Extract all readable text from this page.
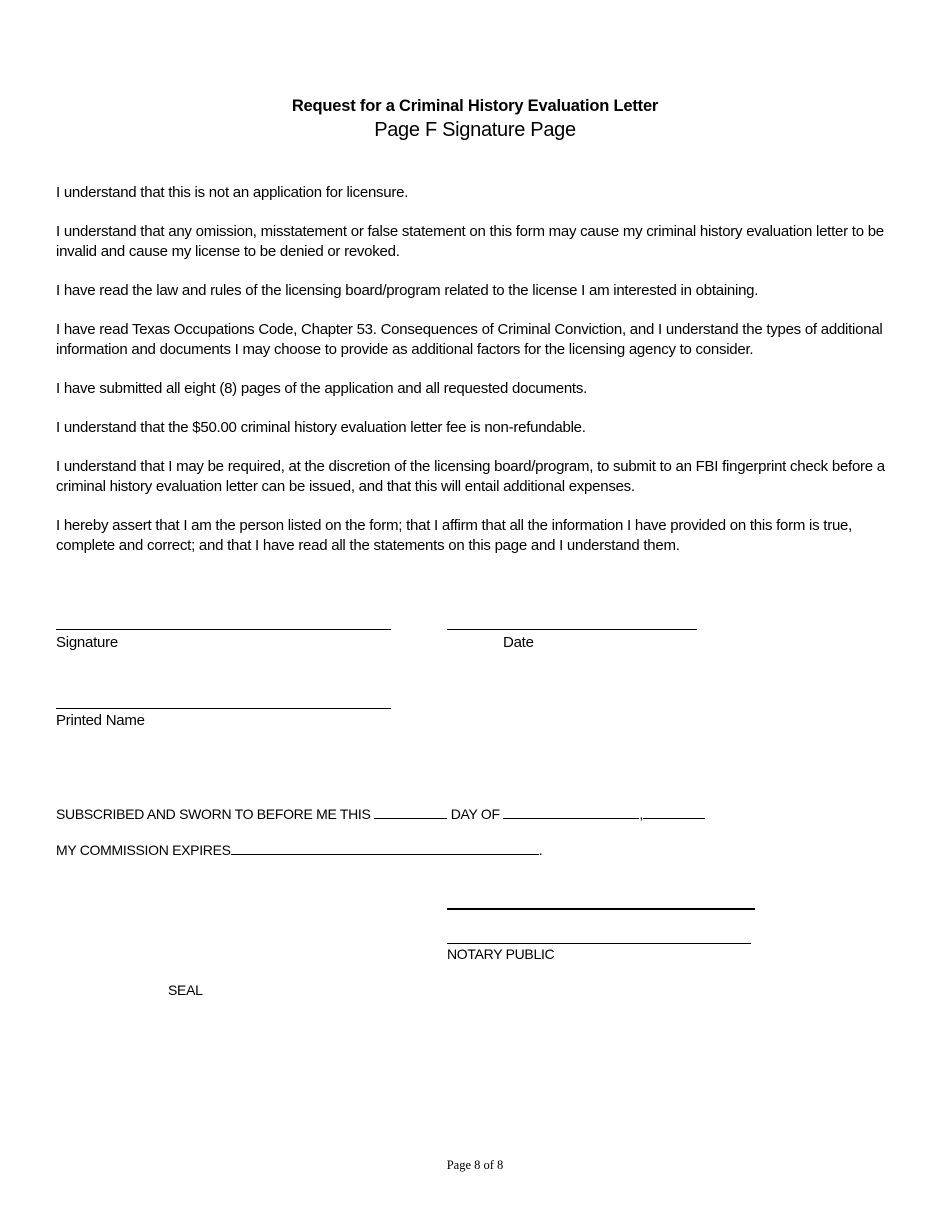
Request for a Criminal History Evaluation Letter
Page F Signature Page
I understand that this is not an application for licensure.
I understand that any omission, misstatement or false statement on this form may cause my criminal history evaluation letter to be invalid and cause my license to be denied or revoked.
I have read the law and rules of the licensing board/program related to the license I am interested in obtaining.
I have read Texas Occupations Code, Chapter 53. Consequences of Criminal Conviction, and I understand the types of additional information and documents I may choose to provide as additional factors for the licensing agency to consider.
I have submitted all eight (8) pages of the application and all requested documents.
I understand that the $50.00 criminal history evaluation letter fee is non-refundable.
I understand that I may be required, at the discretion of the licensing board/program, to submit to an FBI fingerprint check before a criminal history evaluation letter can be issued, and that this will entail additional expenses.
I hereby assert that I am the person listed on the form; that I affirm that all the information I have provided on this form is true, complete and correct; and that I have read all the statements on this page and I understand them.
Signature	Date
Printed Name
SUBSCRIBED AND SWORN TO BEFORE ME THIS	DAY OF	,
MY COMMISSION EXPIRES	.
NOTARY PUBLIC
SEAL
Page 8 of 8
